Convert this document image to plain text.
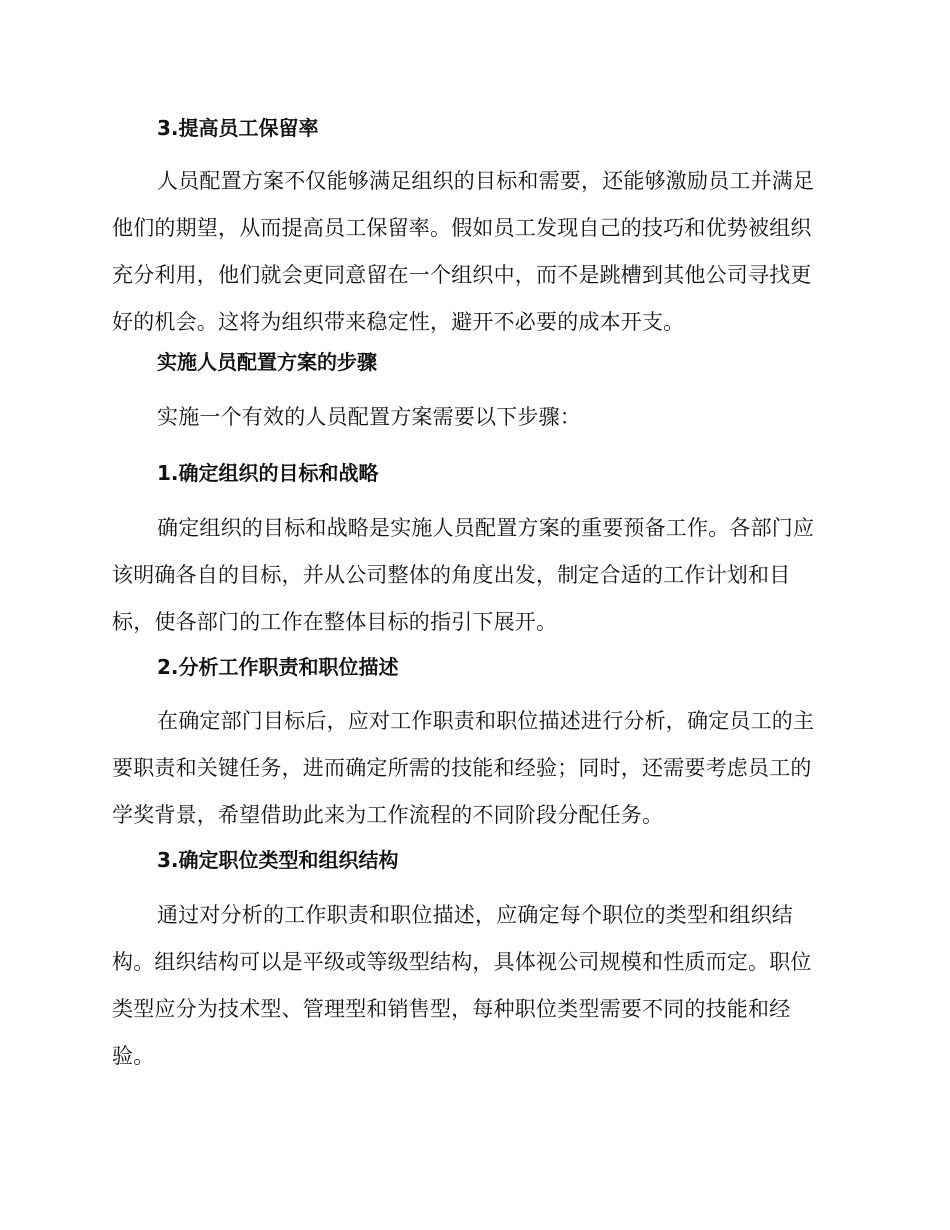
3.提高员工保留率

人员配置方案不仅能够满足组织的目标和需要，还能够激励员工并满足
他们的期望，从而提高员工保留率。假如员工发现自己的技巧和优势被组织
充分利用，他们就会更同意留在一个组织中，而不是跳槽到其他公司寻找更
好的机会。这将为组织带来稳定性，避开不必要的成本开支。

实施人员配置方案的步骤

实施一个有效的人员配置方案需要以下步骤：

1.确定组织的目标和战略

确定组织的目标和战略是实施人员配置方案的重要预备工作。各部门应
该明确各自的目标，并从公司整体的角度出发，制定合适的工作计划和目
标，使各部门的工作在整体目标的指引下展开。

2.分析工作职责和职位描述

在确定部门目标后，应对工作职责和职位描述进行分析，确定员工的主
要职责和关键任务，进而确定所需的技能和经验；同时，还需要考虑员工的
学奖背景，希望借助此来为工作流程的不同阶段分配任务。

3.确定职位类型和组织结构

通过对分析的工作职责和职位描述，应确定每个职位的类型和组织结
构。组织结构可以是平级或等级型结构，具体视公司规模和性质而定。职位
类型应分为技术型、管理型和销售型，每种职位类型需要不同的技能和经
验。
